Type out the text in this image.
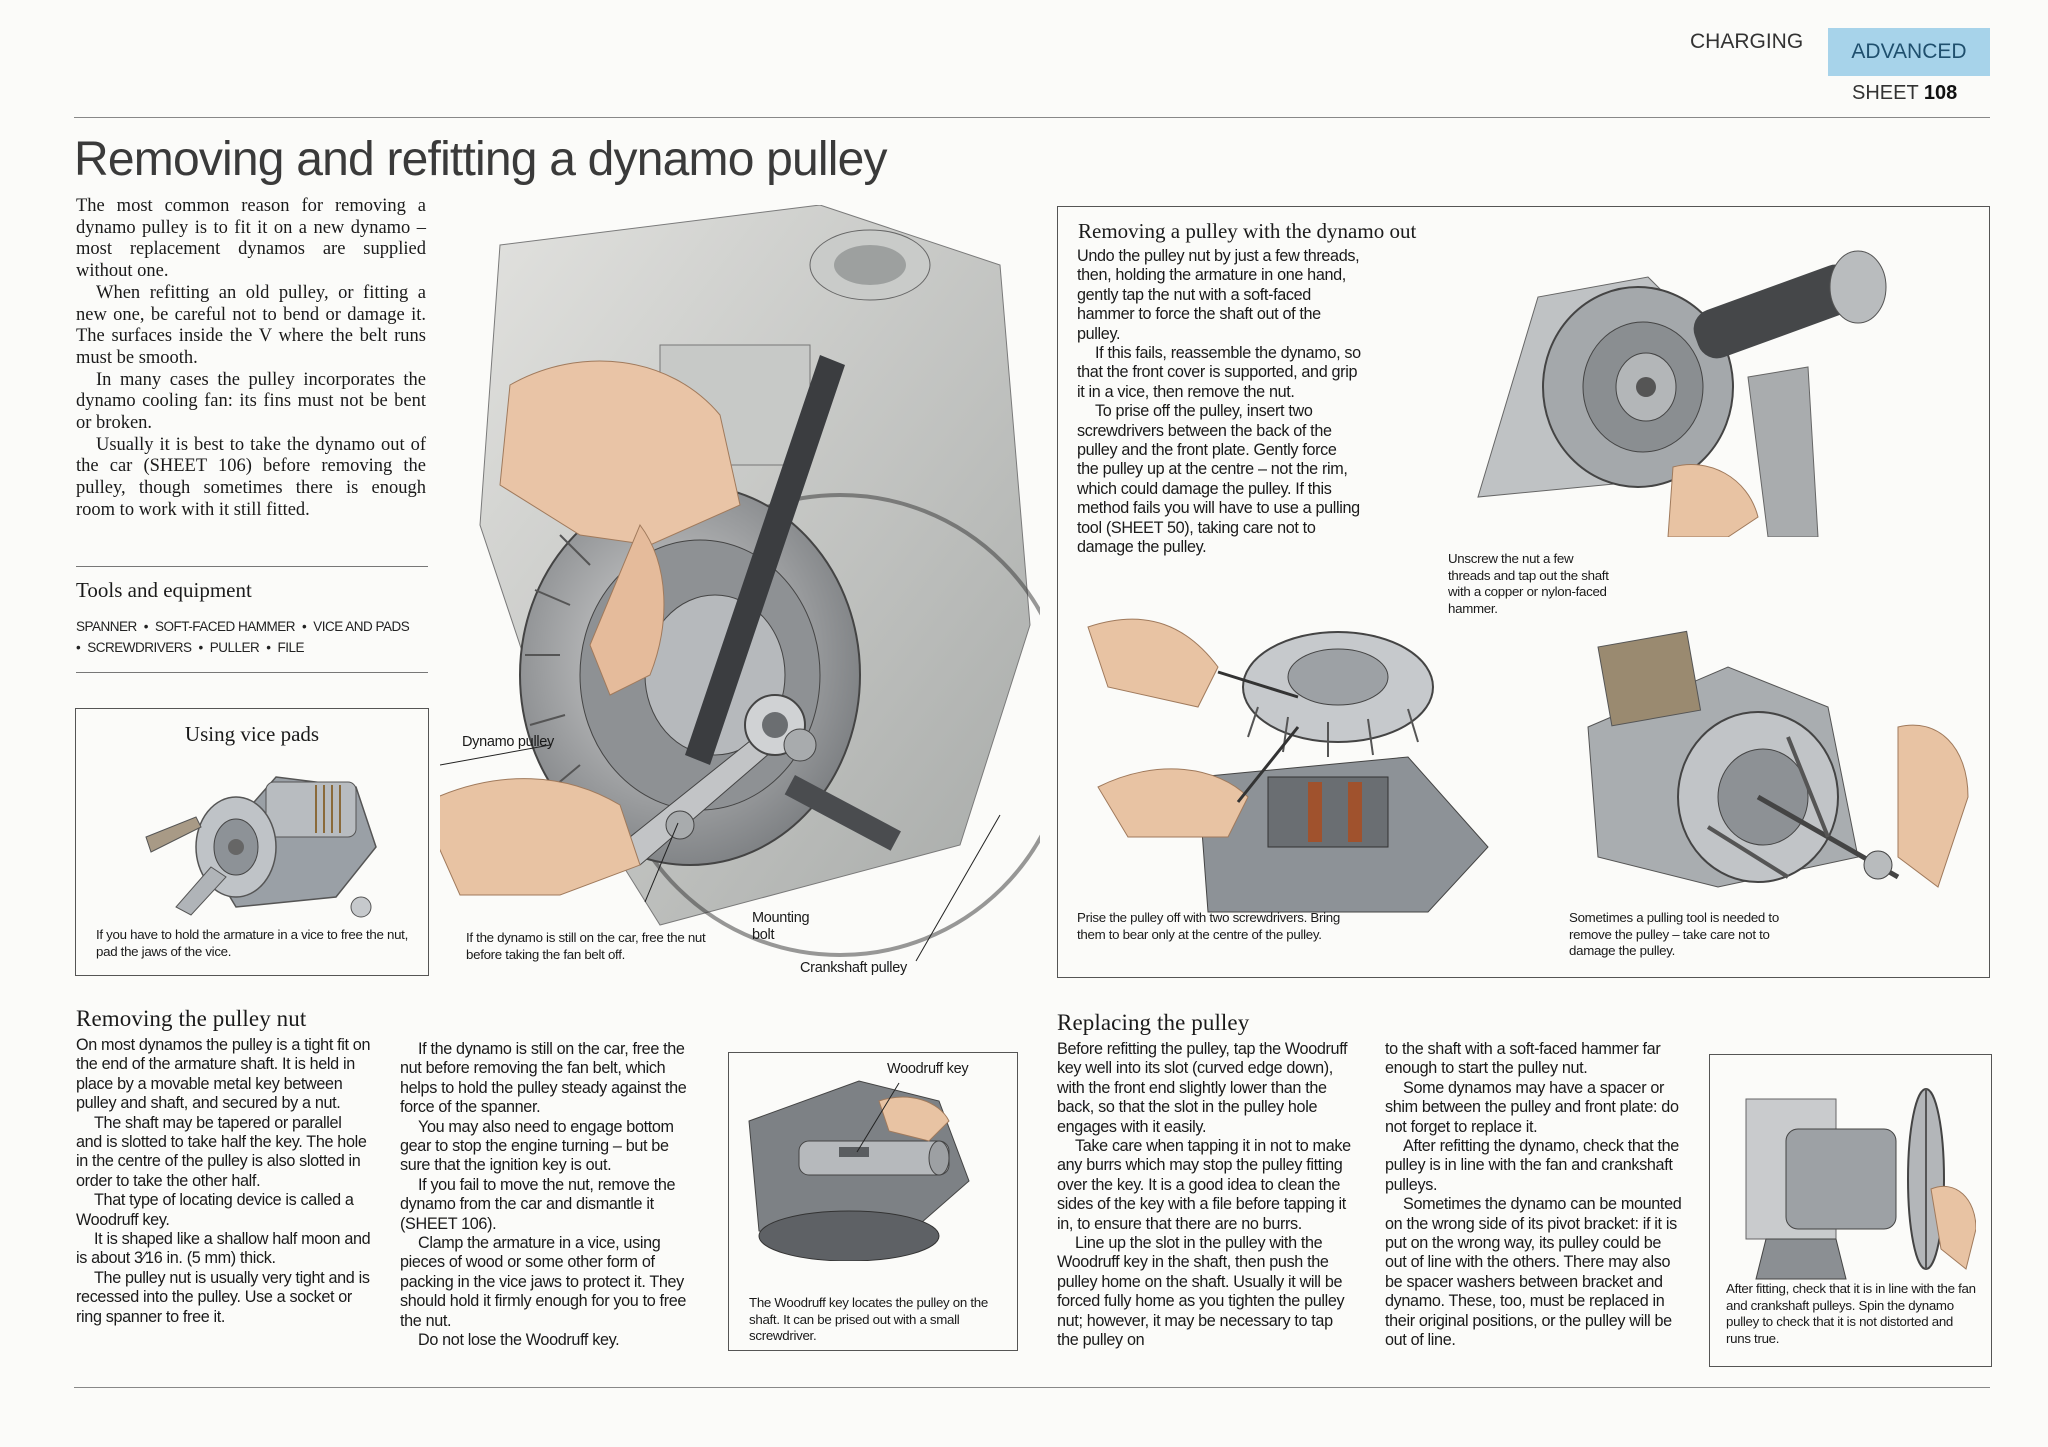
CHARGING	ADVANCED
SHEET 108
Removing and refitting a dynamo pulley

The most common reason for removing a dynamo pulley is to fit it on a new dynamo – most replacement dynamos are supplied without one.

When refitting an old pulley, or fitting a new one, be careful not to bend or damage it. The surfaces inside the V where the belt runs must be smooth.

In many cases the pulley incorporates the dynamo cooling fan: its fins must not be bent or broken.

Usually it is best to take the dynamo out of the car (SHEET 106) before removing the pulley, though sometimes there is enough room to work with it still fitted.

Tools and equipment
SPANNER • SOFT-FACED HAMMER • VICE AND PADS
• SCREWDRIVERS • PULLER • FILE
Using vice pads
If you have to hold the armature in a vice to free the nut, pad the jaws of the vice.
Dynamo pulley
Mounting bolt
Crankshaft pulley
If the dynamo is still on the car, free the nut before taking the fan belt off.
Removing a pulley with the dynamo out

Undo the pulley nut by just a few threads, then, holding the armature in one hand, gently tap the nut with a soft-faced hammer to force the shaft out of the pulley.

If this fails, reassemble the dynamo, so that the front cover is supported, and grip it in a vice, then remove the nut.

To prise off the pulley, insert two screwdrivers between the back of the pulley and the front plate. Gently force the pulley up at the centre – not the rim, which could damage the pulley. If this method fails you will have to use a pulling tool (SHEET 50), taking care not to damage the pulley.

Unscrew the nut a few threads and tap out the shaft with a copper or nylon-faced hammer.
Prise the pulley off with two screwdrivers. Bring them to bear only at the centre of the pulley.
Sometimes a pulling tool is needed to remove the pulley – take care not to damage the pulley.
Removing the pulley nut

On most dynamos the pulley is a tight fit on the end of the armature shaft. It is held in place by a movable metal key between pulley and shaft, and secured by a nut.

The shaft may be tapered or parallel and is slotted to take half the key. The hole in the centre of the pulley is also slotted in order to take the other half.

That type of locating device is called a Woodruff key.

It is shaped like a shallow half moon and is about 3⁄16 in. (5 mm) thick.

The pulley nut is usually very tight and is recessed into the pulley. Use a socket or ring spanner to free it.

If the dynamo is still on the car, free the nut before removing the fan belt, which helps to hold the pulley steady against the force of the spanner.

You may also need to engage bottom gear to stop the engine turning – but be sure that the ignition key is out.

If you fail to move the nut, remove the dynamo from the car and dismantle it (SHEET 106).

Clamp the armature in a vice, using pieces of wood or some other form of packing in the vice jaws to protect it. They should hold it firmly enough for you to free the nut.

Do not lose the Woodruff key.

Woodruff key
The Woodruff key locates the pulley on the shaft. It can be prised out with a small screwdriver.
Replacing the pulley

Before refitting the pulley, tap the Woodruff key well into its slot (curved edge down), with the front end slightly lower than the back, so that the slot in the pulley hole engages with it easily.

Take care when tapping it in not to make any burrs which may stop the pulley fitting over the key. It is a good idea to clean the sides of the key with a file before tapping it in, to ensure that there are no burrs.

Line up the slot in the pulley with the Woodruff key in the shaft, then push the pulley home on the shaft. Usually it will be forced fully home as you tighten the pulley nut; however, it may be necessary to tap the pulley on

to the shaft with a soft-faced hammer far enough to start the pulley nut.

Some dynamos may have a spacer or shim between the pulley and front plate: do not forget to replace it.

After refitting the dynamo, check that the pulley is in line with the fan and crankshaft pulleys.

Sometimes the dynamo can be mounted on the wrong side of its pivot bracket: if it is put on the wrong way, its pulley could be out of line with the others. There may also be spacer washers between bracket and dynamo. These, too, must be replaced in their original positions, or the pulley will be out of line.

After fitting, check that it is in line with the fan and crankshaft pulleys. Spin the dynamo pulley to check that it is not distorted and runs true.
